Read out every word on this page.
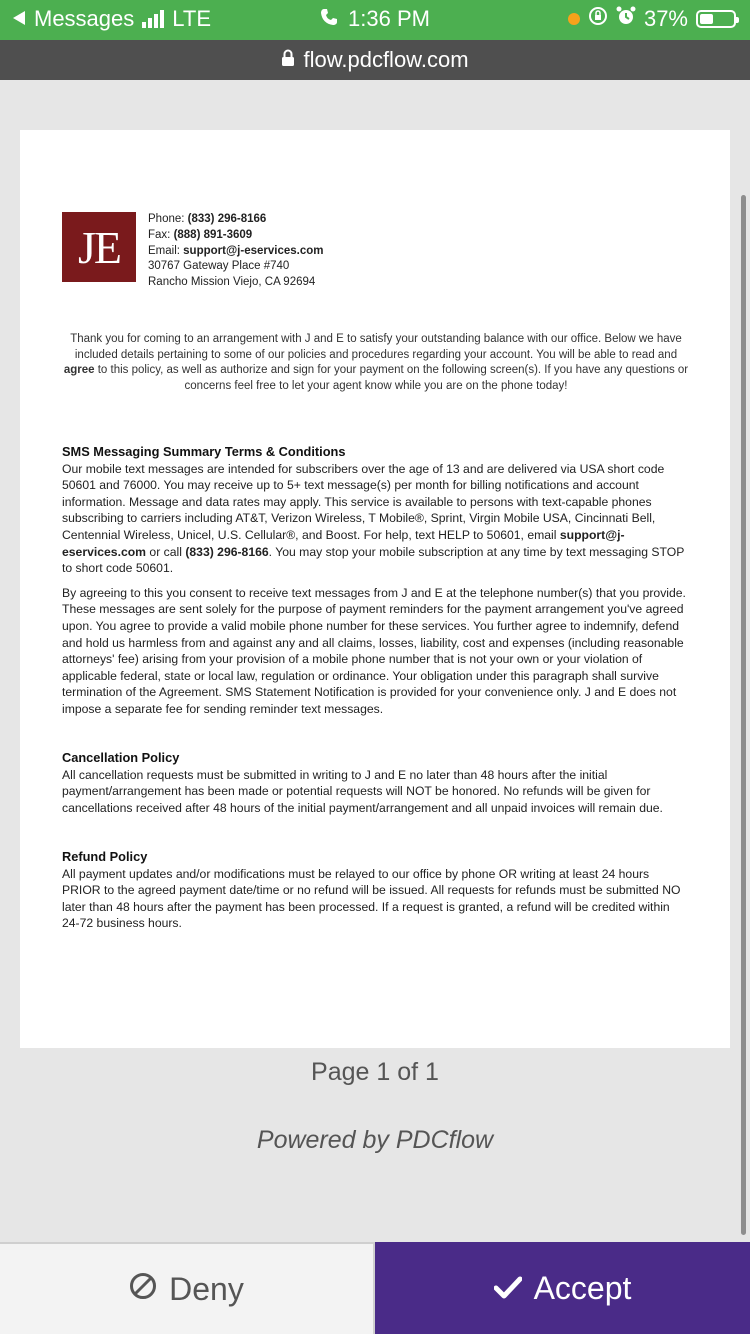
Messages LTE	1:36 PM	37%
flow.pdcflow.com
JE
Phone: (833) 296-8166
Fax: (888) 891-3609
Email: support@j-eservices.com
30767 Gateway Place #740
Rancho Mission Viejo, CA 92694
Thank you for coming to an arrangement with J and E to satisfy your outstanding balance with our office. Below we have included details pertaining to some of our policies and procedures regarding your account. You will be able to read and agree to this policy, as well as authorize and sign for your payment on the following screen(s). If you have any questions or concerns feel free to let your agent know while you are on the phone today!
SMS Messaging Summary Terms & Conditions

Our mobile text messages are intended for subscribers over the age of 13 and are delivered via USA short code 50601 and 76000. You may receive up to 5+ text message(s) per month for billing notifications and account information. Message and data rates may apply. This service is available to persons with text-capable phones subscribing to carriers including AT&T, Verizon Wireless, T Mobile®, Sprint, Virgin Mobile USA, Cincinnati Bell, Centennial Wireless, Unicel, U.S. Cellular®, and Boost. For help, text HELP to 50601, email support@j-eservices.com or call (833) 296-8166. You may stop your mobile subscription at any time by text messaging STOP to short code 50601.

By agreeing to this you consent to receive text messages from J and E at the telephone number(s) that you provide. These messages are sent solely for the purpose of payment reminders for the payment arrangement you've agreed upon. You agree to provide a valid mobile phone number for these services. You further agree to indemnify, defend and hold us harmless from and against any and all claims, losses, liability, cost and expenses (including reasonable attorneys' fee) arising from your provision of a mobile phone number that is not your own or your violation of applicable federal, state or local law, regulation or ordinance. Your obligation under this paragraph shall survive termination of the Agreement. SMS Statement Notification is provided for your convenience only. J and E does not impose a separate fee for sending reminder text messages.

Cancellation Policy

All cancellation requests must be submitted in writing to J and E no later than 48 hours after the initial payment/arrangement has been made or potential requests will NOT be honored. No refunds will be given for cancellations received after 48 hours of the initial payment/arrangement and all unpaid invoices will remain due.

Refund Policy

All payment updates and/or modifications must be relayed to our office by phone OR writing at least 24 hours PRIOR to the agreed payment date/time or no refund will be issued. All requests for refunds must be submitted NO later than 48 hours after the payment has been processed. If a request is granted, a refund will be credited within 24-72 business hours.

Page 1 of 1
Powered by PDCflow
Deny	Accept
